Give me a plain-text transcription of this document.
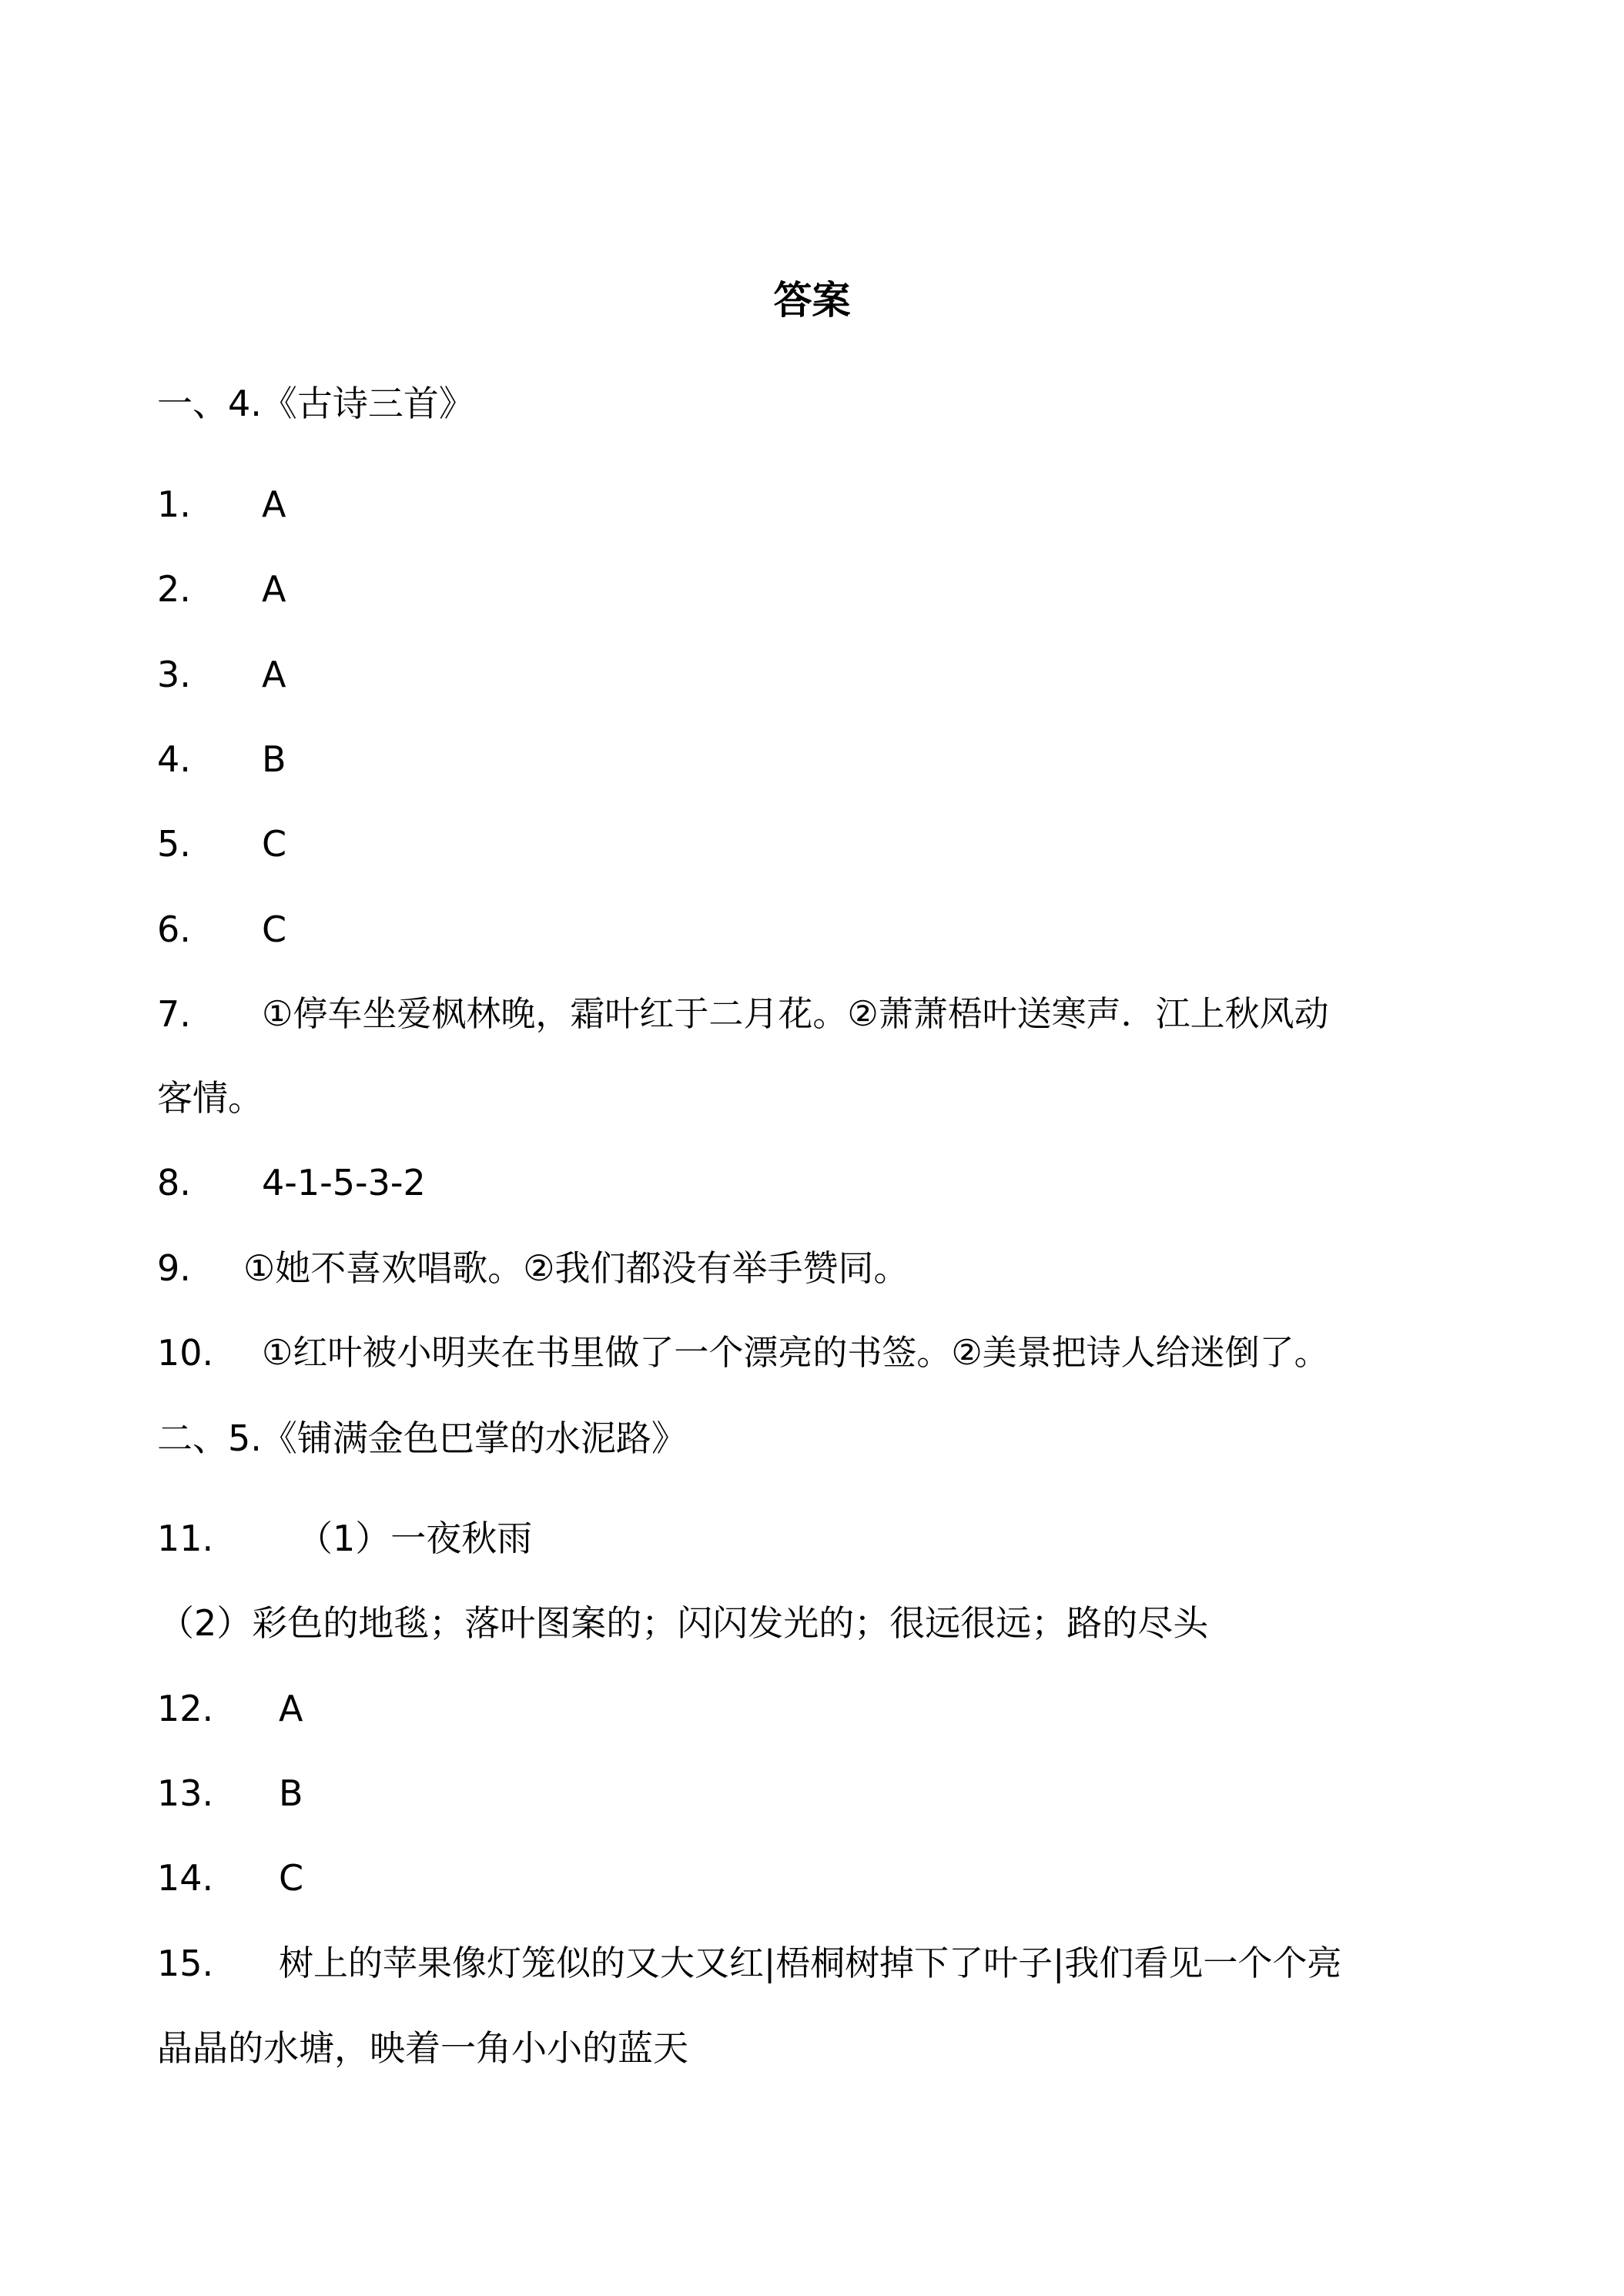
答案
一、4.《古诗三首》
1. A
2. A
3. A
4. B
5. C
6. C
7. ①停车坐爱枫林晚，霜叶红于二月花。②萧萧梧叶送寒声．江上秋风动
客情。
8. 4-1-5-3-2
9. ①她不喜欢唱歌。②我们都没有举手赞同。
10. ①红叶被小明夹在书里做了一个漂亮的书签。②美景把诗人给迷倒了。
二、5.《铺满金色巴掌的水泥路》
11. （1）一夜秋雨
（2）彩色的地毯；落叶图案的；闪闪发光的；很远很远；路的尽头
12. A
13. B
14. C
15. 树上的苹果像灯笼似的又大又红|梧桐树掉下了叶子|我们看见一个个亮
晶晶的水塘，映着一角小小的蓝天
